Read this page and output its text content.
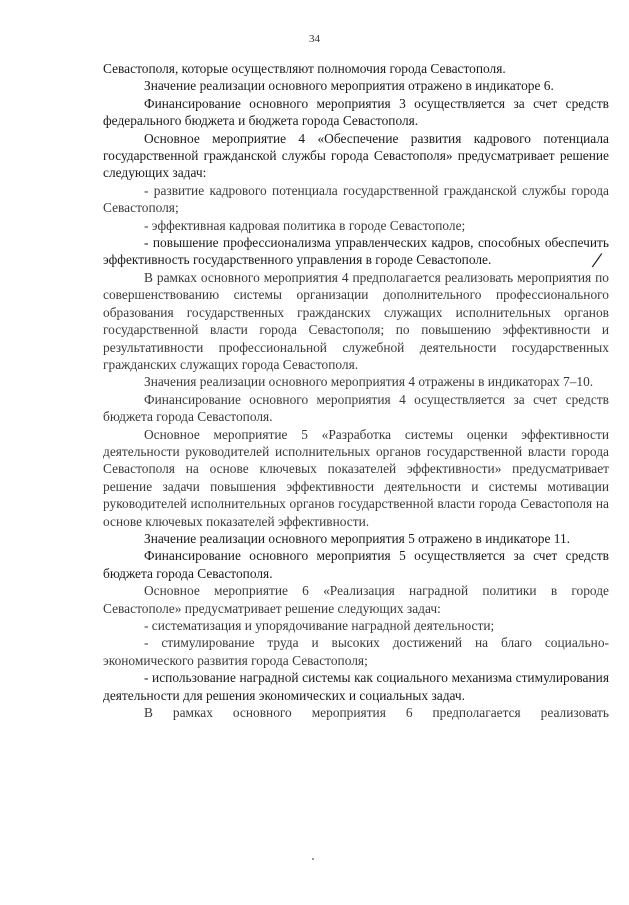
34

Севастополя, которые осуществляют полномочия города Севастополя.

Значение реализации основного мероприятия отражено в индикаторе 6.

Финансирование основного мероприятия 3 осуществляется за счет средств федерального бюджета и бюджета города Севастополя.

Основное мероприятие 4 «Обеспечение развития кадрового потенциала государственной гражданской службы города Севастополя» предусматривает решение следующих задач:

- развитие кадрового потенциала государственной гражданской службы города Севастополя;

- эффективная кадровая политика в городе Севастополе;

- повышение профессионализма управленческих кадров, способных обеспечить эффективность государственного управления в городе Севастополе.

В рамках основного мероприятия 4 предполагается реализовать мероприятия по совершенствованию системы организации дополнительного профессионального образования государственных гражданских служащих исполнительных органов государственной власти города Севастополя; по повышению эффективности и результативности профессиональной служебной деятельности государственных гражданских служащих города Севастополя.

Значения реализации основного мероприятия 4 отражены в индикаторах 7–10.

Финансирование основного мероприятия 4 осуществляется за счет средств бюджета города Севастополя.

Основное мероприятие 5 «Разработка системы оценки эффективности деятельности руководителей исполнительных органов государственной власти города Севастополя на основе ключевых показателей эффективности» предусматривает решение задачи повышения эффективности деятельности и системы мотивации руководителей исполнительных органов государственной власти города Севастополя на основе ключевых показателей эффективности.

Значение реализации основного мероприятия 5 отражено в индикаторе 11.

Финансирование основного мероприятия 5 осуществляется за счет средств бюджета города Севастополя.

Основное мероприятие 6 «Реализация наградной политики в городе Севастополе» предусматривает решение следующих задач:

- систематизация и упорядочивание наградной деятельности;

- стимулирование труда и высоких достижений на благо социально-экономического развития города Севастополя;

- использование наградной системы как социального механизма стимулирования деятельности для решения экономических и социальных задач.

В рамках основного мероприятия 6 предполагается реализовать

/
